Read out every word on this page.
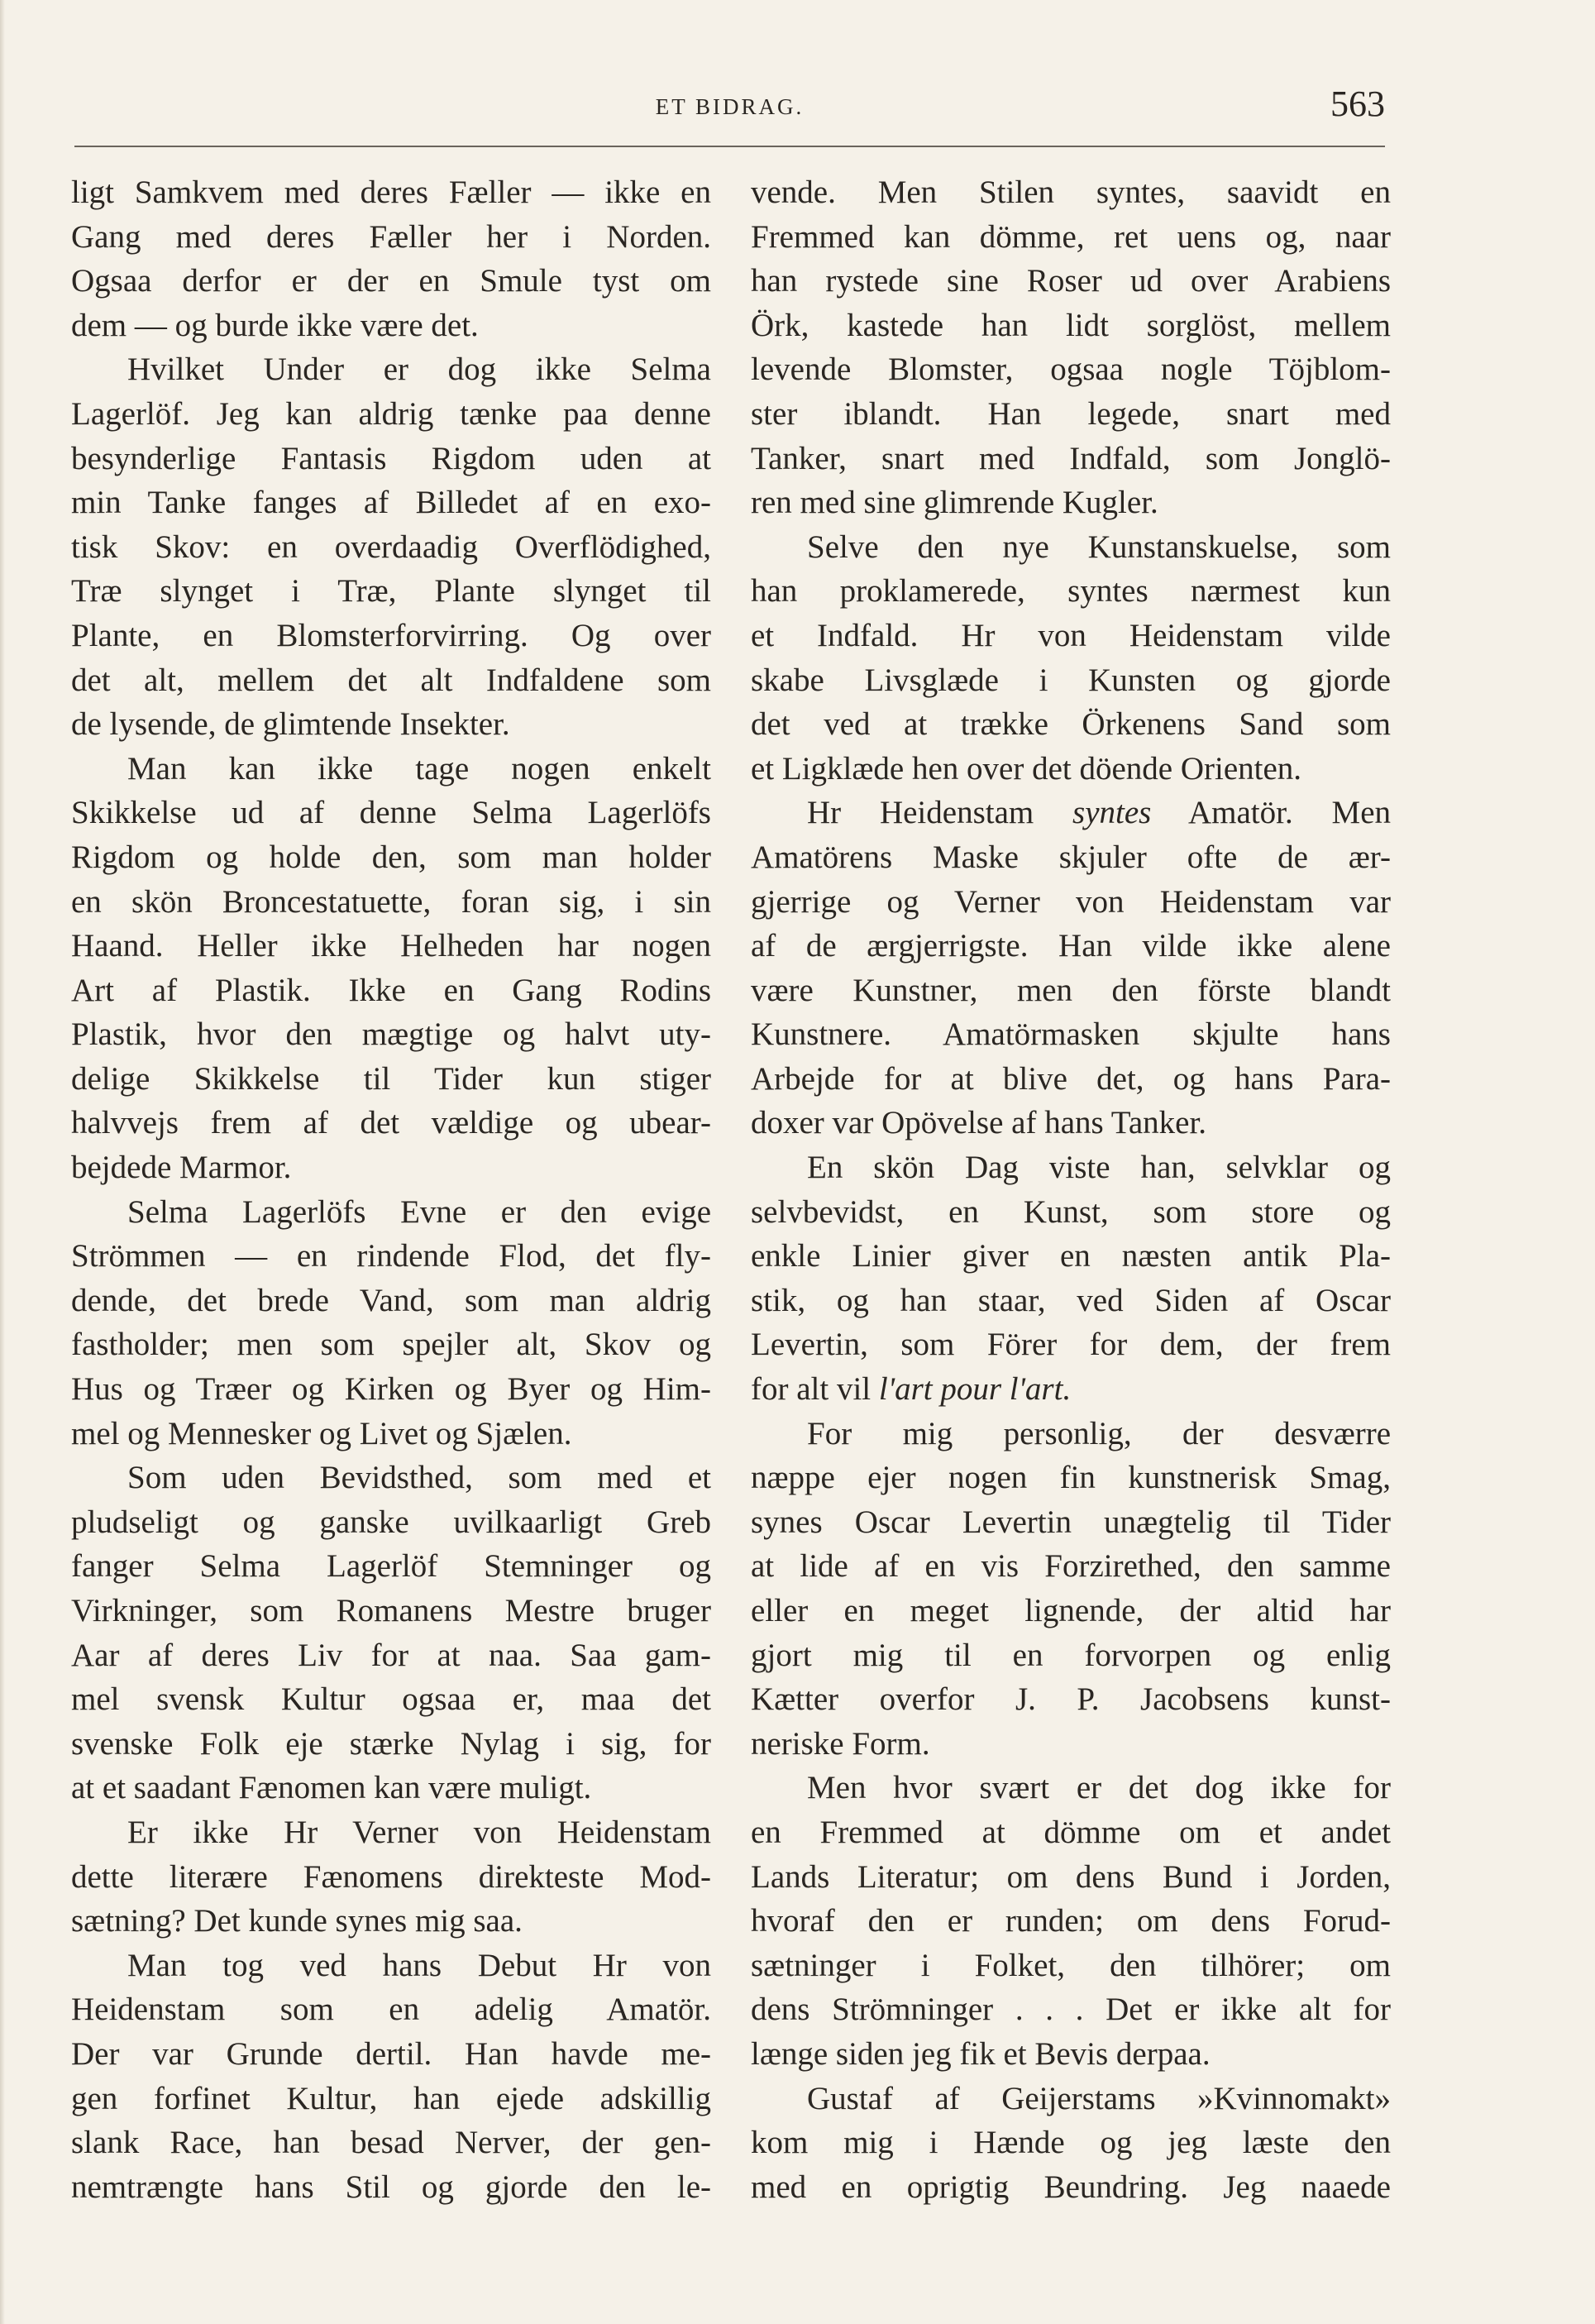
ET BIDRAG.	563
ligt Samkvem med deres Fæller — ikke en
Gang med deres Fæller her i Norden.
Ogsaa derfor er der en Smule tyst om
dem — og burde ikke være det.
Hvilket Under er dog ikke Selma
Lagerlöf. Jeg kan aldrig tænke paa denne
besynderlige Fantasis Rigdom uden at
min Tanke fanges af Billedet af en exo-
tisk Skov: en overdaadig Overflödighed,
Træ slynget i Træ, Plante slynget til
Plante, en Blomsterforvirring. Og over
det alt, mellem det alt Indfaldene som
de lysende, de glimtende Insekter.
Man kan ikke tage nogen enkelt
Skikkelse ud af denne Selma Lagerlöfs
Rigdom og holde den, som man holder
en skön Broncestatuette, foran sig, i sin
Haand. Heller ikke Helheden har nogen
Art af Plastik. Ikke en Gang Rodins
Plastik, hvor den mægtige og halvt uty-
delige Skikkelse til Tider kun stiger
halvvejs frem af det vældige og ubear-
bejdede Marmor.
Selma Lagerlöfs Evne er den evige
Strömmen — en rindende Flod, det fly-
dende, det brede Vand, som man aldrig
fastholder; men som spejler alt, Skov og
Hus og Træer og Kirken og Byer og Him-
mel og Mennesker og Livet og Sjælen.
Som uden Bevidsthed, som med et
pludseligt og ganske uvilkaarligt Greb
fanger Selma Lagerlöf Stemninger og
Virkninger, som Romanens Mestre bruger
Aar af deres Liv for at naa. Saa gam-
mel svensk Kultur ogsaa er, maa det
svenske Folk eje stærke Nylag i sig, for
at et saadant Fænomen kan være muligt.
Er ikke Hr Verner von Heidenstam
dette literære Fænomens direkteste Mod-
sætning? Det kunde synes mig saa.
Man tog ved hans Debut Hr von
Heidenstam som en adelig Amatör.
Der var Grunde dertil. Han havde me-
gen forfinet Kultur, han ejede adskillig
slank Race, han besad Nerver, der gen-
nemtrængte hans Stil og gjorde den le-
vende. Men Stilen syntes, saavidt en
Fremmed kan dömme, ret uens og, naar
han rystede sine Roser ud over Arabiens
Örk, kastede han lidt sorglöst, mellem
levende Blomster, ogsaa nogle Töjblom-
ster iblandt. Han legede, snart med
Tanker, snart med Indfald, som Jonglö-
ren med sine glimrende Kugler.
Selve den nye Kunstanskuelse, som
han proklamerede, syntes nærmest kun
et Indfald. Hr von Heidenstam vilde
skabe Livsglæde i Kunsten og gjorde
det ved at trække Örkenens Sand som
et Ligklæde hen over det döende Orienten.
Hr Heidenstam syntes Amatör. Men
Amatörens Maske skjuler ofte de ær-
gjerrige og Verner von Heidenstam var
af de ærgjerrigste. Han vilde ikke alene
være Kunstner, men den förste blandt
Kunstnere. Amatörmasken skjulte hans
Arbejde for at blive det, og hans Para-
doxer var Opövelse af hans Tanker.
En skön Dag viste han, selvklar og
selvbevidst, en Kunst, som store og
enkle Linier giver en næsten antik Pla-
stik, og han staar, ved Siden af Oscar
Levertin, som Förer for dem, der frem
for alt vil l'art pour l'art.
For mig personlig, der desværre
næppe ejer nogen fin kunstnerisk Smag,
synes Oscar Levertin unægtelig til Tider
at lide af en vis Forzirethed, den samme
eller en meget lignende, der altid har
gjort mig til en forvorpen og enlig
Kætter overfor J. P. Jacobsens kunst-
neriske Form.
Men hvor svært er det dog ikke for
en Fremmed at dömme om et andet
Lands Literatur; om dens Bund i Jorden,
hvoraf den er runden; om dens Forud-
sætninger i Folket, den tilhörer; om
dens Strömninger . . . Det er ikke alt for
længe siden jeg fik et Bevis derpaa.
Gustaf af Geijerstams »Kvinnomakt»
kom mig i Hænde og jeg læste den
med en oprigtig Beundring. Jeg naaede
